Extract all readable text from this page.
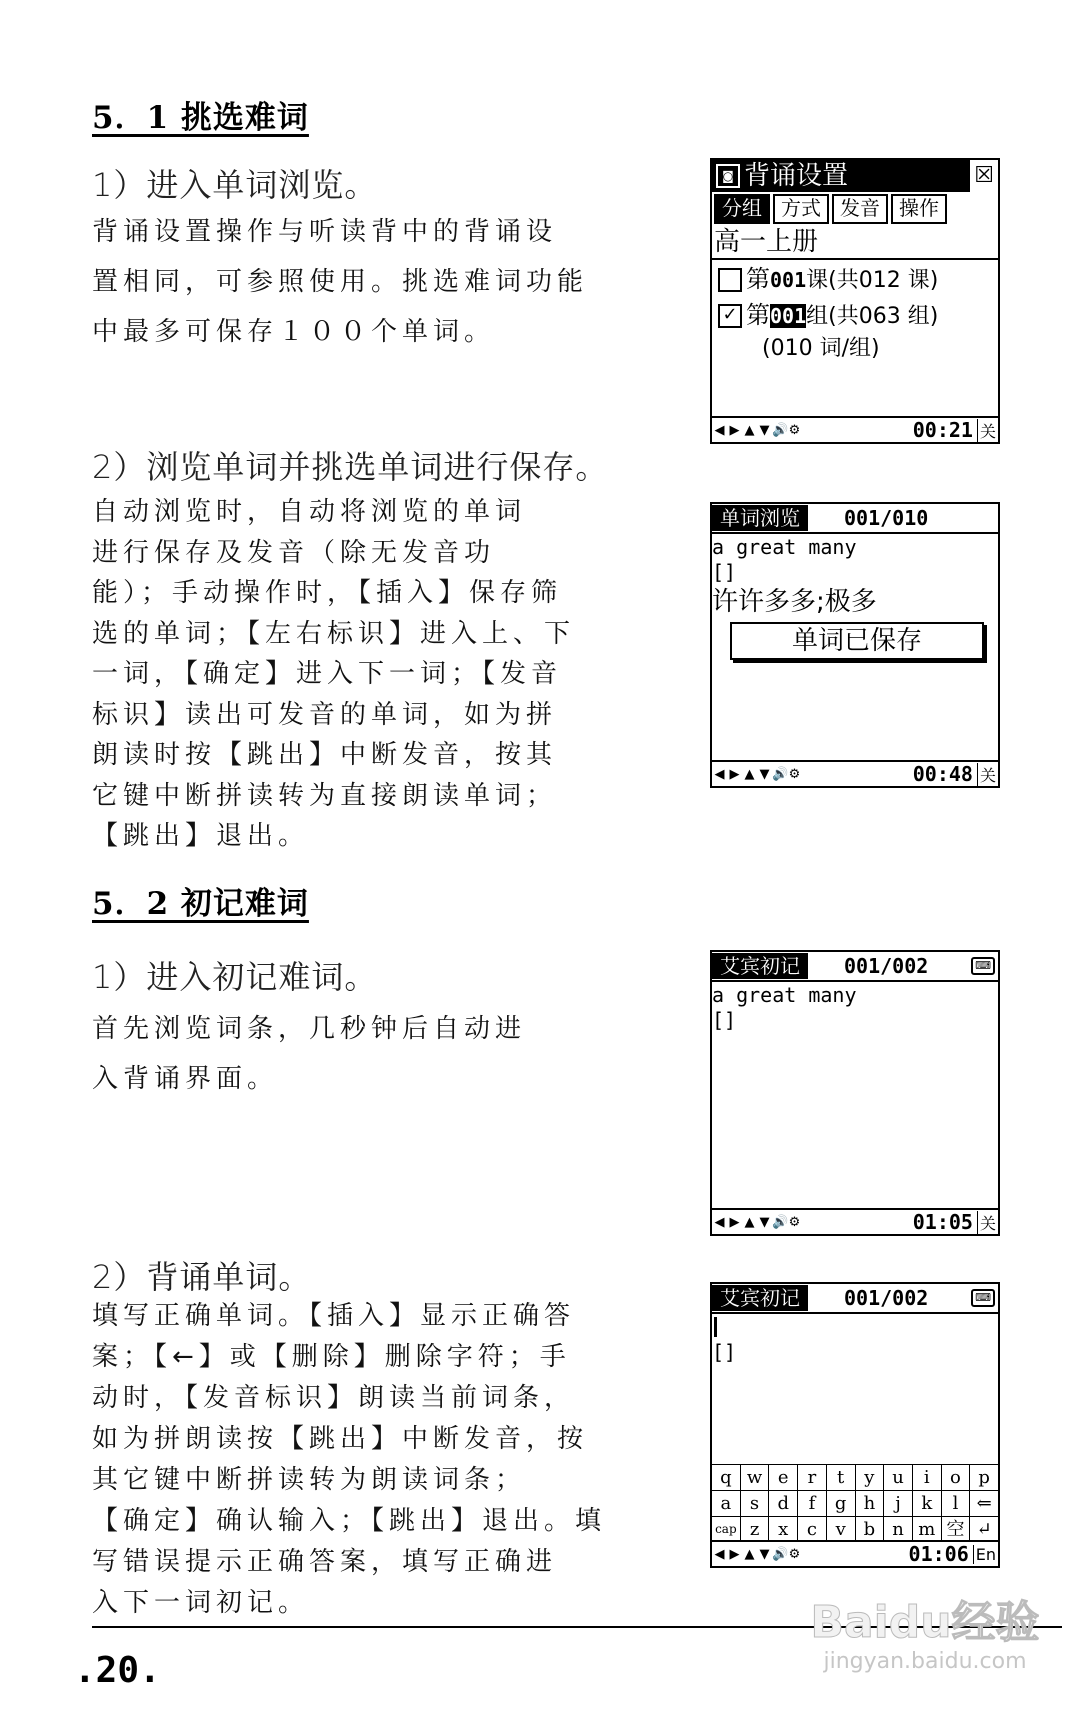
5．1 挑选难词
1）进入单词浏览。

背诵设置操作与听读背中的背诵设

置相同，可参照使用。挑选难词功能

中最多可保存１００个单词。

◙ 背诵设置	☒
分组 方式 发音 操作
高一上册
第001课(共012 课)
✓ 第001组(共063 组)
(010 词/组)
◀ ▶ ▲ ▼ 🔊 ⚙	00:21 关
2）浏览单词并挑选单词进行保存。

自动浏览时，自动将浏览的单词

进行保存及发音（除无发音功

能）；手动操作时，【插入】保存筛

选的单词；【左右标识】进入上、下

一词，【确定】进入下一词；【发音

标识】读出可发音的单词，如为拼

朗读时按【跳出】中断发音，按其

它键中断拼读转为直接朗读单词；

【跳出】退出。

单词浏览	001/010
a great many
[]
许许多多;极多
单词已保存
◀ ▶ ▲ ▼ 🔊 ⚙	00:48 关
5．2 初记难词
1）进入初记难词。

首先浏览词条，几秒钟后自动进

入背诵界面。

艾宾初记	001/002	⌨
a great many
[]
◀ ▶ ▲ ▼ 🔊 ⚙	01:05 关
2）背诵单词。

填写正确单词。【插入】显示正确答

案；【←】或【删除】删除字符；手

动时，【发音标识】朗读当前词条，

如为拼朗读按【跳出】中断发音，按

其它键中断拼读转为朗读词条；

【确定】确认输入；【跳出】退出。填

写错误提示正确答案，填写正确进

入下一词初记。

艾宾初记	001/002	⌨
[]
q w e	r	t	y u	i	o p
a	s	d	f	g h	j	k	l	⇐
cap z	x	c	v b n m 空 ↵
◀ ▶ ▲ ▼ 🔊 ⚙	01:06 En
.20.
Baidu经验
jingyan.baidu.com
